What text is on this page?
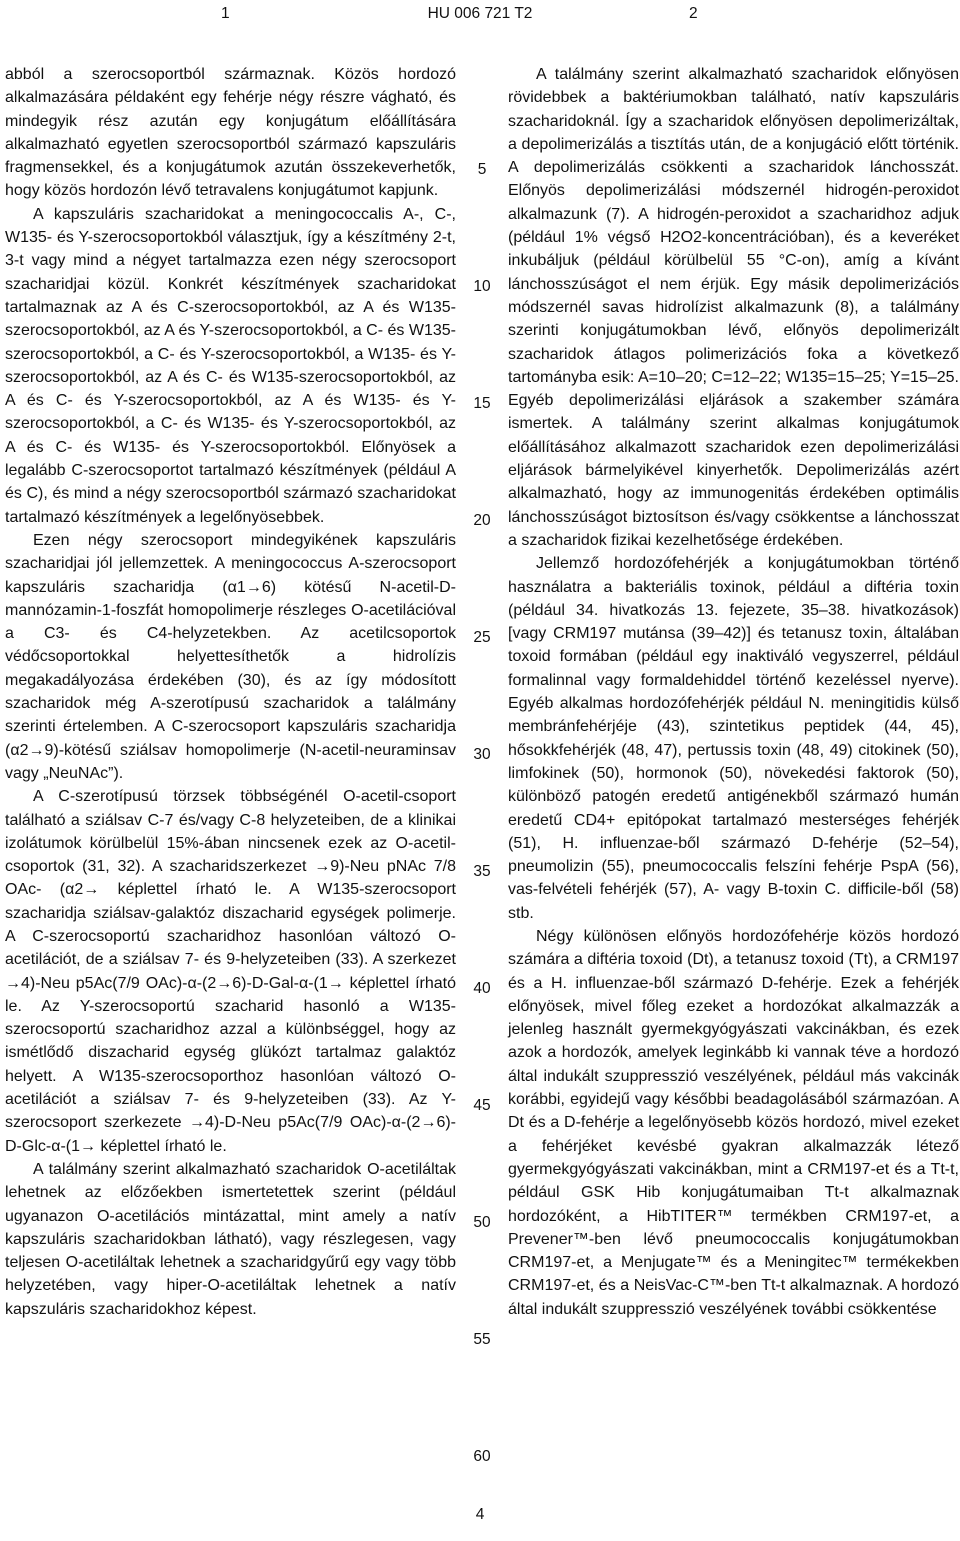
1	HU 006 721 T2	2

abból a szerocsoportból származnak. Közös hordozó alkalmazására példaként egy fehérje négy részre vágható, és mindegyik rész azután egy konjugátum előállítására alkalmazható egyetlen szerocsoportból származó kapszuláris fragmensekkel, és a konjugátumok azután összekeverhetők, hogy közös hordozón lévő tetravalens konjugátumot kapjunk.

A kapszuláris szacharidokat a meningococcalis A-, C-, W135- és Y-szerocsoportokból választjuk, így a készítmény 2-t, 3-t vagy mind a négyet tartalmazza ezen négy szerocsoport szacharidjai közül. Konkrét készítmények szacharidokat tartalmaznak az A és C-szerocsoportokból, az A és W135-szerocsoportokból, az A és Y-szerocsoportokból, a C- és W135-szerocsoportokból, a C- és Y-szerocsoportokból, a W135- és Y-szerocsoportokból, az A és C- és W135-szerocsoportokból, az A és C- és Y-szerocsoportokból, az A és W135- és Y-szerocsoportokból, a C- és W135- és Y-szerocsoportokból, az A és C- és W135- és Y-szerocsoportokból. Előnyösek a legalább C-szerocsoportot tartalmazó készítmények (például A és C), és mind a négy szerocsoportból származó szacharidokat tartalmazó készítmények a legelőnyösebbek.

Ezen négy szerocsoport mindegyikének kapszuláris szacharidjai jól jellemzettek. A meningococcus A-szerocsoport kapszuláris szacharidja (α1→6) kötésű N-acetil-D-mannózamin-1-foszfát homopolimerje részleges O-acetilációval a C3- és C4-helyzetekben. Az acetilcsoportok védőcsoportokkal helyettesíthetők a hidrolízis megakadályozása érdekében (30), és az így módosított szacharidok még A-szerotípusú szacharidok a találmány szerinti értelemben. A C-szerocsoport kapszuláris szacharidja (α2→9)-kötésű sziálsav homopolimerje (N-acetil-neuraminsav vagy „NeuNAc”).

A C-szerotípusú törzsek többségénél O-acetil-csoport található a sziálsav C-7 és/vagy C-8 helyzeteiben, de a klinikai izolátumok körülbelül 15%-ában nincsenek ezek az O-acetil-csoportok (31, 32). A szacharidszerkezet →9)-Neu pNAc 7/8 OAc- (α2→ képlettel írható le. A W135-szerocsoport szacharidja sziálsav-galaktóz diszacharid egységek polimerje. A C-szerocsoportú szacharidhoz hasonlóan változó O-acetilációt, de a sziálsav 7- és 9-helyzeteiben (33). A szerkezet →4)-Neu p5Ac(7/9 OAc)-α-(2→6)-D-Gal-α-(1→ képlettel írható le. Az Y-szerocsoportú szacharid hasonló a W135-szerocsoportú szacharidhoz azzal a különbséggel, hogy az ismétlődő diszacharid egység glükózt tartalmaz galaktóz helyett. A W135-szerocsoporthoz hasonlóan változó O-acetilációt a sziálsav 7- és 9-helyzeteiben (33). Az Y-szerocsoport szerkezete →4)-D-Neu p5Ac(7/9 OAc)-α-(2→6)-D-Glc-α-(1→ képlettel írható le.

A találmány szerint alkalmazható szacharidok O-acetiláltak lehetnek az előzőekben ismertetettek szerint (például ugyanazon O-acetilációs mintázattal, mint amely a natív kapszuláris szacharidokban látható), vagy részlegesen, vagy teljesen O-acetiláltak lehetnek a szacharidgyűrű egy vagy több helyzetében, vagy hiper-O-acetiláltak lehetnek a natív kapszuláris szacharidokhoz képest.

5
10
15
20
25
30
35
40
45
50
55
60

A találmány szerint alkalmazható szacharidok előnyösen rövidebbek a baktériumokban található, natív kapszuláris szacharidoknál. Így a szacharidok előnyösen depolimerizáltak, a depolimerizálás a tisztítás után, de a konjugáció előtt történik. A depolimerizálás csökkenti a szacharidok lánchosszát. Előnyös depolimerizálási módszernél hidrogén-peroxidot alkalmazunk (7). A hidrogén-peroxidot a szacharidhoz adjuk (például 1% végső H2O2-koncentrációban), és a keveréket inkubáljuk (például körülbelül 55 °C-on), amíg a kívánt lánchosszúságot el nem érjük. Egy másik depolimerizációs módszernél savas hidrolízist alkalmazunk (8), a találmány szerinti konjugátumokban lévő, előnyös depolimerizált szacharidok átlagos polimerizációs foka a következő tartományba esik: A=10–20; C=12–22; W135=15–25; Y=15–25. Egyéb depolimerizálási eljárások a szakember számára ismertek. A találmány szerint alkalmas konjugátumok előállításához alkalmazott szacharidok ezen depolimerizálási eljárások bármelyikével kinyerhetők. Depolimerizálás azért alkalmazható, hogy az immunogenitás érdekében optimális lánchosszúságot biztosítson és/vagy csökkentse a lánchosszat a szacharidok fizikai kezelhetősége érdekében.

Jellemző hordozófehérjék a konjugátumokban történő használatra a bakteriális toxinok, például a diftéria toxin (például 34. hivatkozás 13. fejezete, 35–38. hivatkozások) [vagy CRM197 mutánsa (39–42)] és tetanusz toxin, általában toxoid formában (például egy inaktiváló vegyszerrel, például formalinnal vagy formaldehiddel történő kezeléssel nyerve). Egyéb alkalmas hordozófehérjék például N. meningitidis külső membránfehérjéje (43), szintetikus peptidek (44, 45), hősokkfehérjék (48, 47), pertussis toxin (48, 49) citokinek (50), limfokinek (50), hormonok (50), növekedési faktorok (50), különböző patogén eredetű antigénekből származó humán eredetű CD4+ epitópokat tartalmazó mesterséges fehérjék (51), H. influenzae-ből származó D-fehérje (52–54), pneumolizin (55), pneumococcalis felszíni fehérje PspA (56), vas-felvételi fehérjék (57), A- vagy B-toxin C. difficile-ből (58) stb.

Négy különösen előnyös hordozófehérje közös hordozó számára a diftéria toxoid (Dt), a tetanusz toxoid (Tt), a CRM197 és a H. influenzae-ből származó D-fehérje. Ezek a fehérjék előnyösek, mivel főleg ezeket a hordozókat alkalmazzák a jelenleg használt gyermekgyógyászati vakcinákban, és ezek azok a hordozók, amelyek leginkább ki vannak téve a hordozó által indukált szuppresszió veszélyének, például más vakcinák korábbi, egyidejű vagy későbbi beadagolásából származóan. A Dt és a D-fehérje a legelőnyösebb közös hordozó, mivel ezeket a fehérjéket kevésbé gyakran alkalmazzák létező gyermekgyógyászati vakcinákban, mint a CRM197-et és a Tt-t, például GSK Hib konjugátumaiban Tt-t alkalmaznak hordozóként, a HibTITER™ termékben CRM197-et, a Prevener™-ben lévő pneumococcalis konjugátumokban CRM197-et, a Menjugate™ és a Meningitec™ termékekben CRM197-et, és a NeisVac-C™-ben Tt-t alkalmaznak. A hordozó által indukált szuppresszió veszélyének további csökkentése

4
